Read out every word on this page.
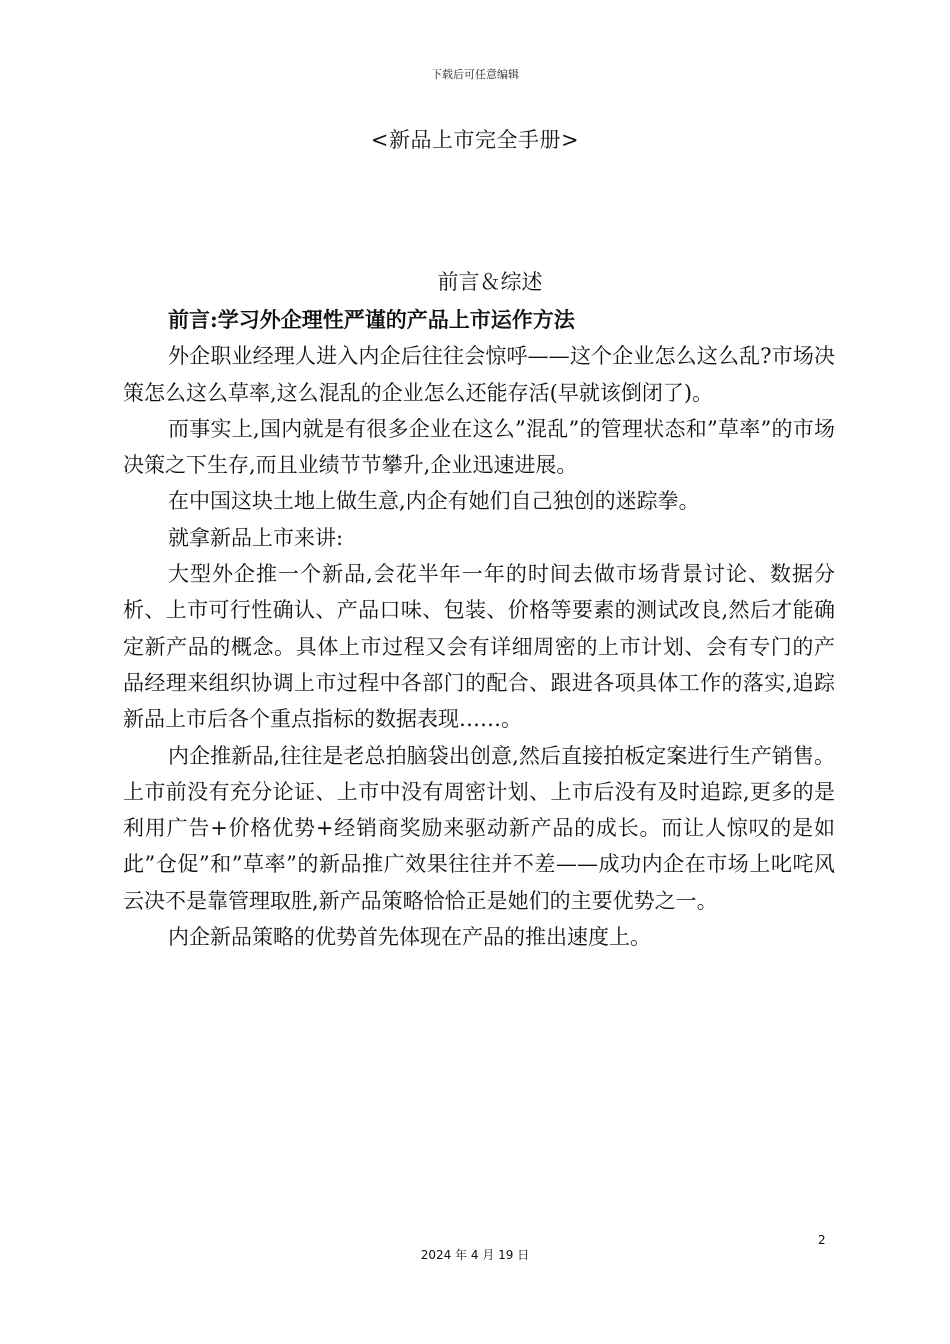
下载后可任意编辑
<新品上市完全手册>
前言＆综述

前言:学习外企理性严谨的产品上市运作方法

外企职业经理人进入内企后往往会惊呼——这个企业怎么这么乱?市场决策怎么这么草率,这么混乱的企业怎么还能存活(早就该倒闭了)。

而事实上,国内就是有很多企业在这么”混乱”的管理状态和”草率”的市场决策之下生存,而且业绩节节攀升,企业迅速进展。

在中国这块土地上做生意,内企有她们自己独创的迷踪拳。

就拿新品上市来讲:

大型外企推一个新品,会花半年一年的时间去做市场背景讨论、数据分析、上市可行性确认、产品口味、包装、价格等要素的测试改良,然后才能确定新产品的概念。具体上市过程又会有详细周密的上市计划、会有专门的产品经理来组织协调上市过程中各部门的配合、跟进各项具体工作的落实,追踪新品上市后各个重点指标的数据表现……。

内企推新品,往往是老总拍脑袋出创意,然后直接拍板定案进行生产销售。上市前没有充分论证、上市中没有周密计划、上市后没有及时追踪,更多的是利用广告+价格优势+经销商奖励来驱动新产品的成长。而让人惊叹的是如此”仓促”和”草率”的新品推广效果往往并不差——成功内企在市场上叱咤风云决不是靠管理取胜,新产品策略恰恰正是她们的主要优势之一。

内企新品策略的优势首先体现在产品的推出速度上。

2
2024 年 4 月 19 日
